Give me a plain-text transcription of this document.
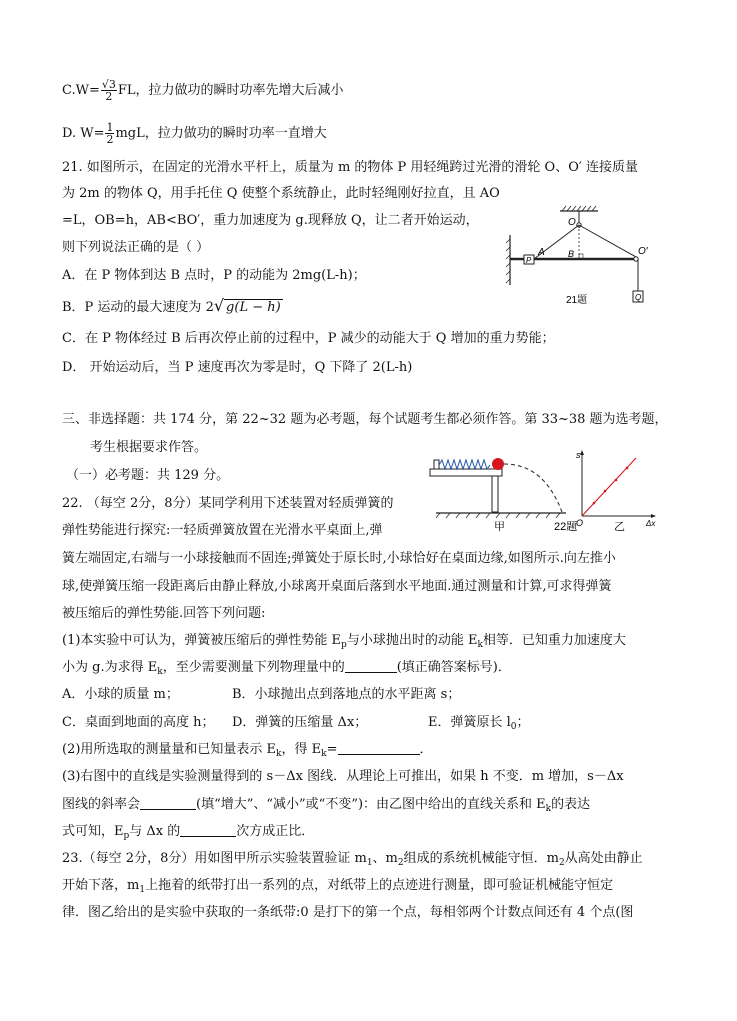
$C.W= \frac{√3}{2}$ FL，拉力做功的瞬时功率先增大后减小
D. $W= \frac{1}{2}$ mgL，拉力做功的瞬时功率一直增大
21. 如图所示，在固定的光滑水平杆上，质量为 m 的物体 P 用轻绳跨过光滑的滑轮 O、O′ 连接质量
为 2m 的物体 Q，用手托住 Q 使整个系统静止，此时轻绳刚好拉直，且 AO
=L，OB=h，AB<BO′，重力加速度为 g.现释放 Q，让二者开始运动，
则下列说法正确的是（ ）
A．在 P 物体到达 B 点时，P 的动能为 2mg(L-h)；
B．P 运动的最大速度为 2√ g(L − h)
C．在 P 物体经过 B 后再次停止前的过程中，P 减少的动能大于 Q 增加的重力势能；
D． 开始运动后，当 P 速度再次为零是时，Q 下降了 2(L-h)
O
P
A	B	O′
Q
21题
三、非选择题：共 174 分，第 22~32 题为必考题，每个试题考生都必须作答。第 33~38 题为选考题，
考生根据要求作答。
（一）必考题：共 129 分。
22. （每空 2分，8分）某同学利用下述装置对轻质弹簧的
弹性势能进行探究:一轻质弹簧放置在光滑水平桌面上,弹
簧左端固定,右端与一小球接触而不固连;弹簧处于原长时,小球恰好在桌面边缘,如图所示.向左推小
球,使弹簧压缩一段距离后由静止释放,小球离开桌面后落到水平地面.通过测量和计算,可求得弹簧
被压缩后的弹性势能.回答下列问题:
(1)本实验中可认为，弹簧被压缩后的弹性势能 $E_p$与小球抛出时的动能 $E_k$相等．已知重力加速度大
小为 g.为求得 $E_k$，至少需要测量下列物理量中的	(填正确答案标号)．
A．小球的质量 m；	B．小球抛出点到落地点的水平距离 s；
C．桌面到地面的高度 h； D．弹簧的压缩量 Δx；	E．弹簧原长 $l_0$；
(2)用所选取的测量量和已知量表示 $E_k$，得 $E_k=$	．
(3)右图中的直线是实验测量得到的 s－Δx 图线．从理论上可推出，如果 h 不变．m 增加，s－Δx
图线的斜率会	(填“增大”、“减小”或“不变”)：由乙图中给出的直线关系和 $E_k$的表达
式可知，$E_p$与 Δx 的	次方成正比．
甲	22题
s
O	Δx
乙
23.（每空 2分，8分）用如图甲所示实验装置验证 $m_1$、$m_2$组成的系统机械能守恒．$m_2$从高处由静止
开始下落，$m_1$上拖着的纸带打出一系列的点，对纸带上的点迹进行测量，即可验证机械能守恒定
律．图乙给出的是实验中获取的一条纸带:0 是打下的第一个点，每相邻两个计数点间还有 4 个点(图
